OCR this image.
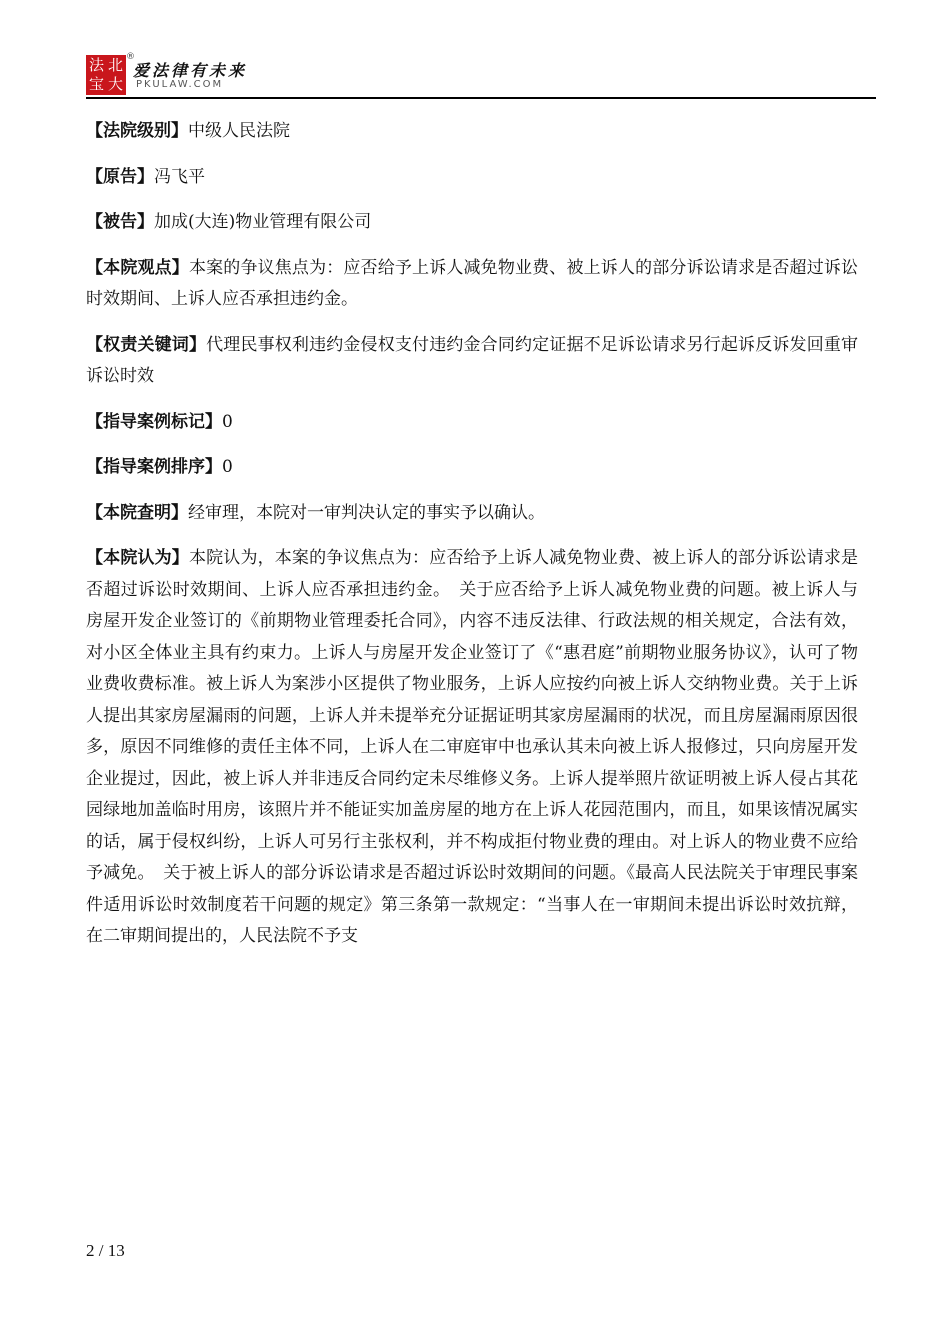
法 北
宝 大
®
爱法律有未来
PKULAW.COM

【法院级别】中级人民法院

【原告】冯飞平

【被告】加成(大连)物业管理有限公司

【本院观点】本案的争议焦点为：应否给予上诉人减免物业费、被上诉人的部分诉讼请求是否超过诉讼时效期间、上诉人应否承担违约金。

【权责关键词】代理民事权利违约金侵权支付违约金合同约定证据不足诉讼请求另行起诉反诉发回重审诉讼时效

【指导案例标记】0

【指导案例排序】0

【本院查明】经审理，本院对一审判决认定的事实予以确认。

【本院认为】本院认为，本案的争议焦点为：应否给予上诉人减免物业费、被上诉人的部分诉讼请求是否超过诉讼时效期间、上诉人应否承担违约金。　关于应否给予上诉人减免物业费的问题。被上诉人与房屋开发企业签订的《前期物业管理委托合同》，内容不违反法律、行政法规的相关规定，合法有效，对小区全体业主具有约束力。上诉人与房屋开发企业签订了《“惠君庭”前期物业服务协议》，认可了物业费收费标准。被上诉人为案涉小区提供了物业服务，上诉人应按约向被上诉人交纳物业费。关于上诉人提出其家房屋漏雨的问题，上诉人并未提举充分证据证明其家房屋漏雨的状况，而且房屋漏雨原因很多，原因不同维修的责任主体不同，上诉人在二审庭审中也承认其未向被上诉人报修过，只向房屋开发企业提过，因此，被上诉人并非违反合同约定未尽维修义务。上诉人提举照片欲证明被上诉人侵占其花园绿地加盖临时用房，该照片并不能证实加盖房屋的地方在上诉人花园范围内，而且，如果该情况属实的话，属于侵权纠纷，上诉人可另行主张权利，并不构成拒付物业费的理由。对上诉人的物业费不应给予减免。　关于被上诉人的部分诉讼请求是否超过诉讼时效期间的问题。《最高人民法院关于审理民事案件适用诉讼时效制度若干问题的规定》第三条第一款规定：“当事人在一审期间未提出诉讼时效抗辩，在二审期间提出的，人民法院不予支

2 / 13
